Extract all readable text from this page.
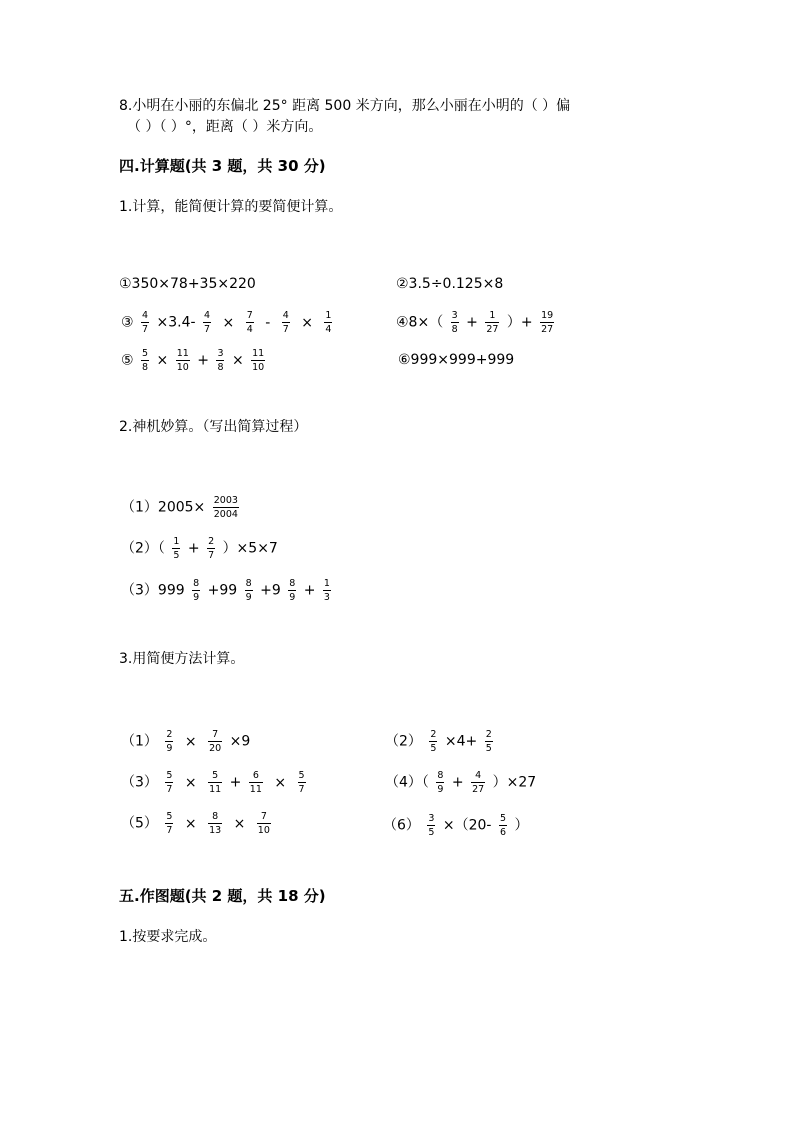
8.小明在小丽的东偏北 25° 距离 500 米方向，那么小丽在小明的（ ）偏
（ ）（ ）°，距离（ ）米方向。
四.计算题(共 3 题，共 30 分)
1.计算，能简便计算的要简便计算。
①350×78+35×220	②3.5÷0.125×8
③ $\frac{4}{7} \times 3.4- \frac{4}{7} \times \frac{7}{4} - \frac{4}{7} \times \frac{1}{4}$	④8×（ $\frac{3}{8} + \frac{1}{27}$ ）+ $\frac{19}{27}$
⑤ $\frac{5}{8} \times \frac{11}{10} + \frac{3}{8} \times \frac{11}{10}$	⑥999×999+999
2.神机妙算。（写出简算过程）
$(1)2005\times \frac{2003}{2004}$
$(2)( \frac{1}{5} + \frac{2}{7} )\times 5\times 7$
$(3)999 \frac{8}{9} +99 \frac{8}{9} +9 \frac{8}{9} + \frac{1}{3}$
3.用简便方法计算。
$(1) \frac{2}{9} \times \frac{7}{20} \times 9$	$(2) \frac{2}{5} \times 4+ \frac{2}{5}$
$(3) \frac{5}{7} \times \frac{5}{11} + \frac{6}{11} \times \frac{5}{7}$	$(4)( \frac{8}{9} + \frac{4}{27} )\times 27$
$(5) \frac{5}{7} \times \frac{8}{13} \times \frac{7}{10}$	$(6) \frac{3}{5} \times(20- \frac{5}{6}$ ）
五.作图题(共 2 题，共 18 分)
1.按要求完成。
